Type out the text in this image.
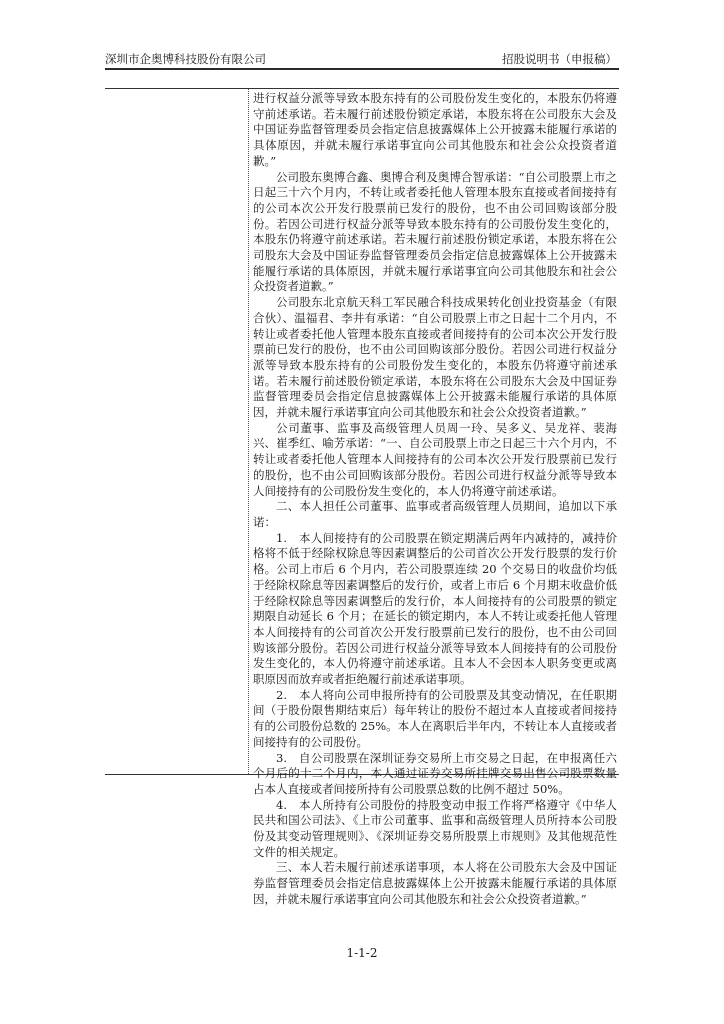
深圳市企奥博科技股份有限公司	招股说明书（申报稿）

进行权益分派等导致本股东持有的公司股份发生变化的，本股东仍将遵守前述承诺。若未履行前述股份锁定承诺，本股东将在公司股东大会及中国证券监督管理委员会指定信息披露媒体上公开披露未能履行承诺的具体原因，并就未履行承诺事宜向公司其他股东和社会公众投资者道歉。”

公司股东奥博合鑫、奥博合利及奥博合智承诺：“自公司股票上市之日起三十六个月内，不转让或者委托他人管理本股东直接或者间接持有的公司本次公开发行股票前已发行的股份，也不由公司回购该部分股份。若因公司进行权益分派等导致本股东持有的公司股份发生变化的，本股东仍将遵守前述承诺。若未履行前述股份锁定承诺，本股东将在公司股东大会及中国证券监督管理委员会指定信息披露媒体上公开披露未能履行承诺的具体原因，并就未履行承诺事宜向公司其他股东和社会公众投资者道歉。”

公司股东北京航天科工军民融合科技成果转化创业投资基金（有限合伙）、温福君、李井有承诺：“自公司股票上市之日起十二个月内，不转让或者委托他人管理本股东直接或者间接持有的公司本次公开发行股票前已发行的股份，也不由公司回购该部分股份。若因公司进行权益分派等导致本股东持有的公司股份发生变化的，本股东仍将遵守前述承诺。若未履行前述股份锁定承诺，本股东将在公司股东大会及中国证券监督管理委员会指定信息披露媒体上公开披露未能履行承诺的具体原因，并就未履行承诺事宜向公司其他股东和社会公众投资者道歉。”

公司董事、监事及高级管理人员周一玲、吴多义、吴龙祥、裴海兴、崔季红、喻芳承诺：“一、自公司股票上市之日起三十六个月内，不转让或者委托他人管理本人间接持有的公司本次公开发行股票前已发行的股份，也不由公司回购该部分股份。若因公司进行权益分派等导致本人间接持有的公司股份发生变化的，本人仍将遵守前述承诺。

二、本人担任公司董事、监事或者高级管理人员期间，追加以下承诺：

1.　本人间接持有的公司股票在锁定期满后两年内减持的，减持价格将不低于经除权除息等因素调整后的公司首次公开发行股票的发行价格。公司上市后 6 个月内，若公司股票连续 20 个交易日的收盘价均低于经除权除息等因素调整后的发行价，或者上市后 6 个月期末收盘价低于经除权除息等因素调整后的发行价，本人间接持有的公司股票的锁定期限自动延长 6 个月；在延长的锁定期内，本人不转让或委托他人管理本人间接持有的公司首次公开发行股票前已发行的股份，也不由公司回购该部分股份。若因公司进行权益分派等导致本人间接持有的公司股份发生变化的，本人仍将遵守前述承诺。且本人不会因本人职务变更或离职原因而放弃或者拒绝履行前述承诺事项。

2.　本人将向公司申报所持有的公司股票及其变动情况，在任职期间（于股份限售期结束后）每年转让的股份不超过本人直接或者间接持有的公司股份总数的 25%。本人在离职后半年内，不转让本人直接或者间接持有的公司股份。

3.　自公司股票在深圳证券交易所上市交易之日起，在申报离任六个月后的十二个月内，本人通过证券交易所挂牌交易出售公司股票数量占本人直接或者间接所持有公司股票总数的比例不超过 50%。

4.　本人所持有公司股份的持股变动申报工作将严格遵守《中华人民共和国公司法》、《上市公司董事、监事和高级管理人员所持本公司股份及其变动管理规则》、《深圳证券交易所股票上市规则》及其他规范性文件的相关规定。

三、本人若未履行前述承诺事项，本人将在公司股东大会及中国证券监督管理委员会指定信息披露媒体上公开披露未能履行承诺的具体原因，并就未履行承诺事宜向公司其他股东和社会公众投资者道歉。”

1-1-2
